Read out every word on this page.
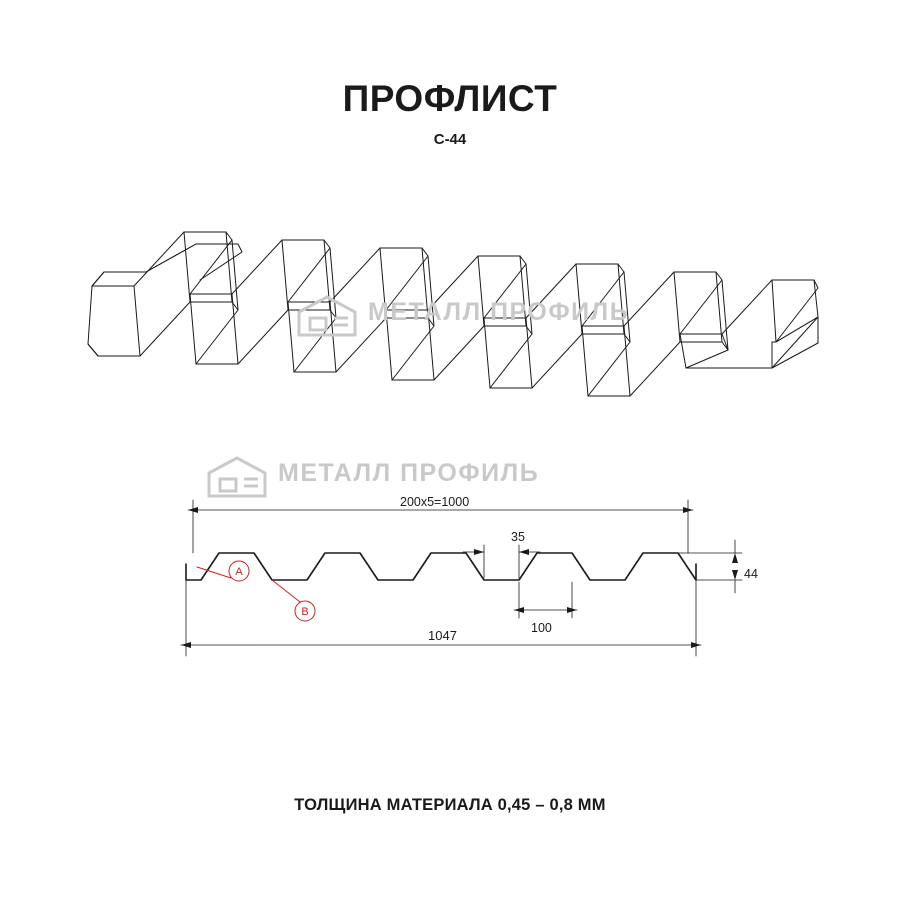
A
B
МЕТАЛЛ ПРОФИЛЬ
МЕТАЛЛ ПРОФИЛЬ
ПРОФЛИСТ
С-44
ТОЛЩИНА МАТЕРИАЛА 0,45 – 0,8 ММ
200х5=1000
35
100
1047
44
